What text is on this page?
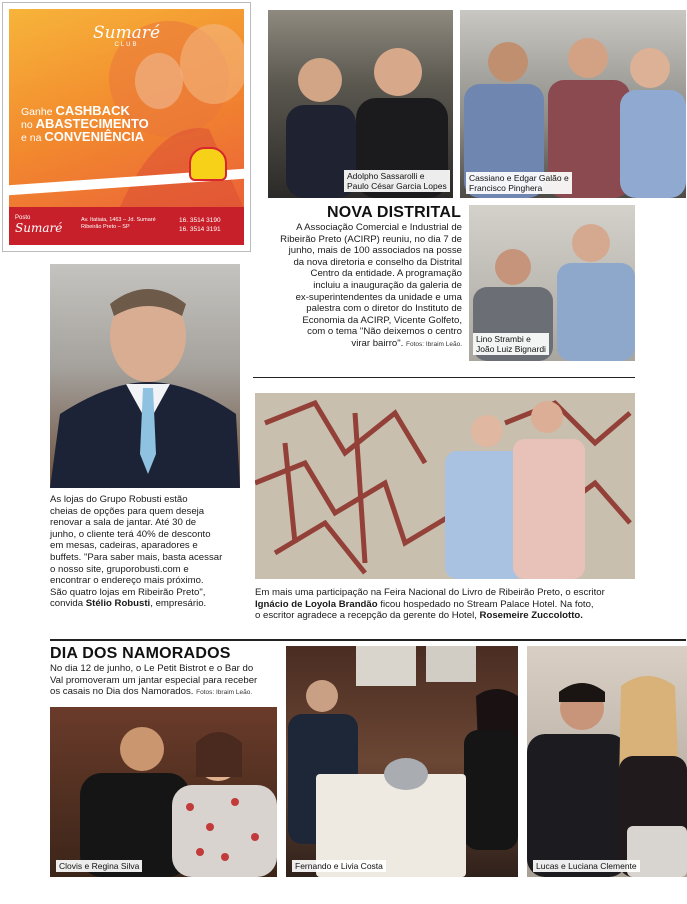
Sumaré
CLUB
Ganhe CASHBACK
no ABASTECIMENTO
e na CONVENIÊNCIA
Posto
Sumaré
Av. Itatiaia, 1463 – Jd. Sumaré Ribeirão Preto – SP
16. 3514 3190
16. 3514 3191
Adolpho Sassarolli e
Paulo César Garcia Lopes
Cassiano e Edgar Galão e
Francisco Pinghera
NOVA DISTRITAL
A Associação Comercial e Industrial de
Ribeirão Preto (ACIRP) reuniu, no dia 7 de
junho, mais de 100 associados na posse
da nova diretoria e conselho da Distrital
Centro da entidade. A programação
incluiu a inauguração da galeria de
ex-superintendentes da unidade e uma
palestra com o diretor do Instituto de
Economia da ACIRP, Vicente Golfeto,
com o tema "Não deixemos o centro
virar bairro". Fotos: Ibraim Leão.
Lino Strambi e
João Luiz Bignardi
As lojas do Grupo Robusti estão
cheias de opções para quem deseja
renovar a sala de jantar. Até 30 de
junho, o cliente terá 40% de desconto
em mesas, cadeiras, aparadores e
buffets. "Para saber mais, basta acessar
o nosso site, gruporobusti.com e
encontrar o endereço mais próximo.
São quatro lojas em Ribeirão Preto",
convida Stélio Robusti, empresário.
Em mais uma participação na Feira Nacional do Livro de Ribeirão Preto, o escritor
Ignácio de Loyola Brandão ficou hospedado no Stream Palace Hotel. Na foto,
o escritor agradece a recepção da gerente do Hotel, Rosemeire Zuccolotto.
DIA DOS NAMORADOS
No dia 12 de junho, o Le Petit Bistrot e o Bar do
Val promoveram um jantar especial para receber
os casais no Dia dos Namorados. Fotos: Ibraim Leão.
Clovis e Regina Silva	Fernando e Livia Costa	Lucas e Luciana Clemente
